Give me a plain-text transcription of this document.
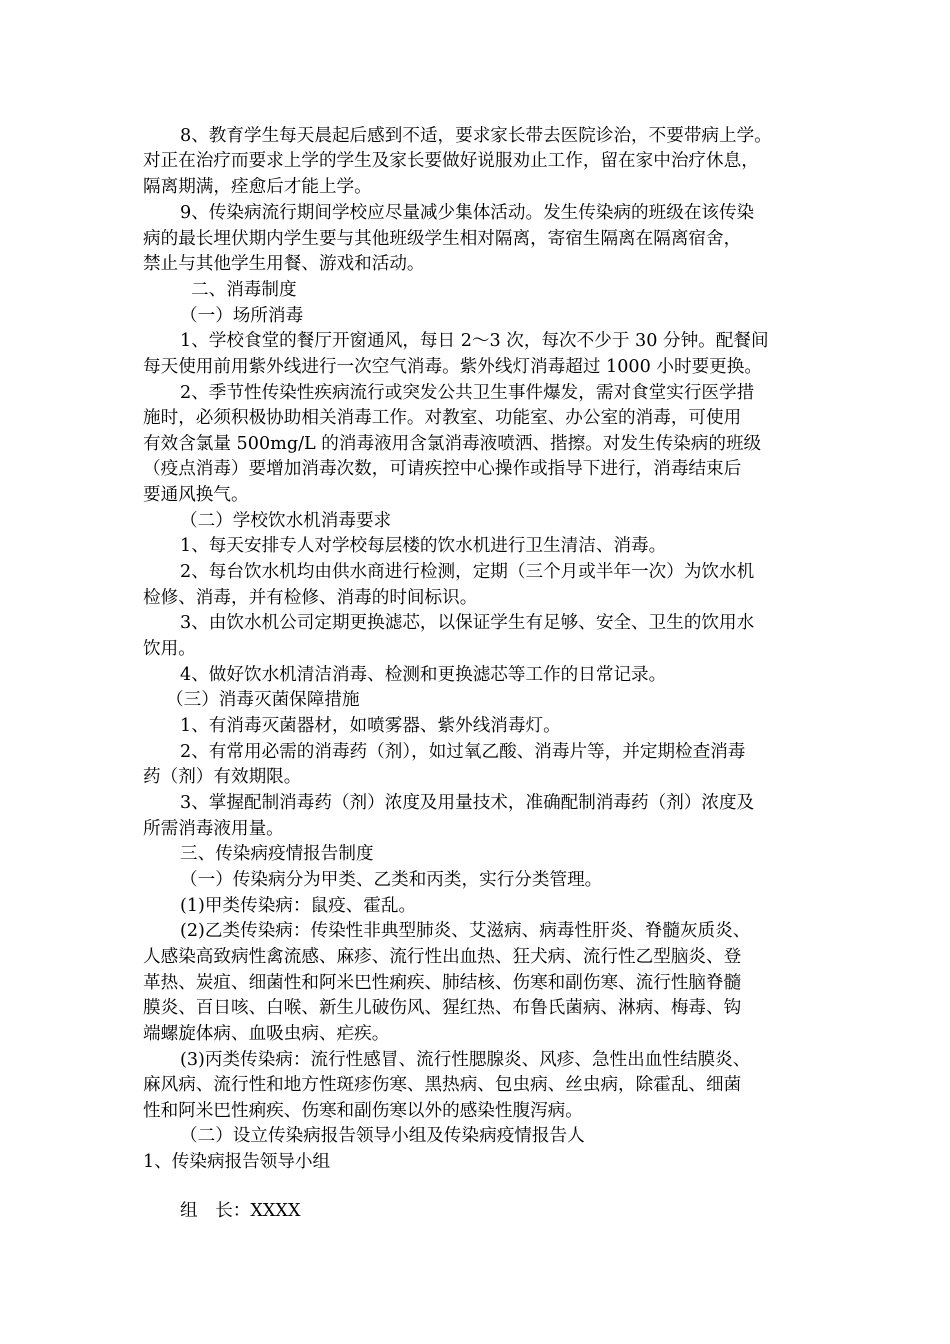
8、教育学生每天晨起后感到不适，要求家长带去医院诊治，不要带病上学。
对正在治疗而要求上学的学生及家长要做好说服劝止工作，留在家中治疗休息，
隔离期满，痊愈后才能上学。
9、传染病流行期间学校应尽量减少集体活动。发生传染病的班级在该传染
病的最长埋伏期内学生要与其他班级学生相对隔离，寄宿生隔离在隔离宿舍，
禁止与其他学生用餐、游戏和活动。
二、消毒制度
（一）场所消毒
1、学校食堂的餐厅开窗通风，每日 2～3 次，每次不少于 30 分钟。配餐间
每天使用前用紫外线进行一次空气消毒。紫外线灯消毒超过 1000 小时要更换。
2、季节性传染性疾病流行或突发公共卫生事件爆发，需对食堂实行医学措
施时，必须积极协助相关消毒工作。对教室、功能室、办公室的消毒，可使用
有效含氯量 500mg/L 的消毒液用含氯消毒液喷洒、揩擦。对发生传染病的班级
（疫点消毒）要增加消毒次数，可请疾控中心操作或指导下进行，消毒结束后
要通风换气。
（二）学校饮水机消毒要求
1、每天安排专人对学校每层楼的饮水机进行卫生清洁、消毒。
2、每台饮水机均由供水商进行检测，定期（三个月或半年一次）为饮水机
检修、消毒，并有检修、消毒的时间标识。
3、由饮水机公司定期更换滤芯，以保证学生有足够、安全、卫生的饮用水
饮用。
4、做好饮水机清洁消毒、检测和更换滤芯等工作的日常记录。
（三）消毒灭菌保障措施
1、有消毒灭菌器材，如喷雾器、紫外线消毒灯。
2、有常用必需的消毒药（剂），如过氧乙酸、消毒片等，并定期检查消毒
药（剂）有效期限。
3、掌握配制消毒药（剂）浓度及用量技术，准确配制消毒药（剂）浓度及
所需消毒液用量。
三、传染病疫情报告制度
（一）传染病分为甲类、乙类和丙类，实行分类管理。
(1)甲类传染病：鼠疫、霍乱。
(2)乙类传染病：传染性非典型肺炎、艾滋病、病毒性肝炎、脊髓灰质炎、
人感染高致病性禽流感、麻疹、流行性出血热、狂犬病、流行性乙型脑炎、登
革热、炭疽、细菌性和阿米巴性痢疾、肺结核、伤寒和副伤寒、流行性脑脊髓
膜炎、百日咳、白喉、新生儿破伤风、猩红热、布鲁氏菌病、淋病、梅毒、钩
端螺旋体病、血吸虫病、疟疾。
(3)丙类传染病：流行性感冒、流行性腮腺炎、风疹、急性出血性结膜炎、
麻风病、流行性和地方性斑疹伤寒、黑热病、包虫病、丝虫病，除霍乱、细菌
性和阿米巴性痢疾、伤寒和副伤寒以外的感染性腹泻病。
（二）设立传染病报告领导小组及传染病疫情报告人
1、传染病报告领导小组
组　长：XXXX
